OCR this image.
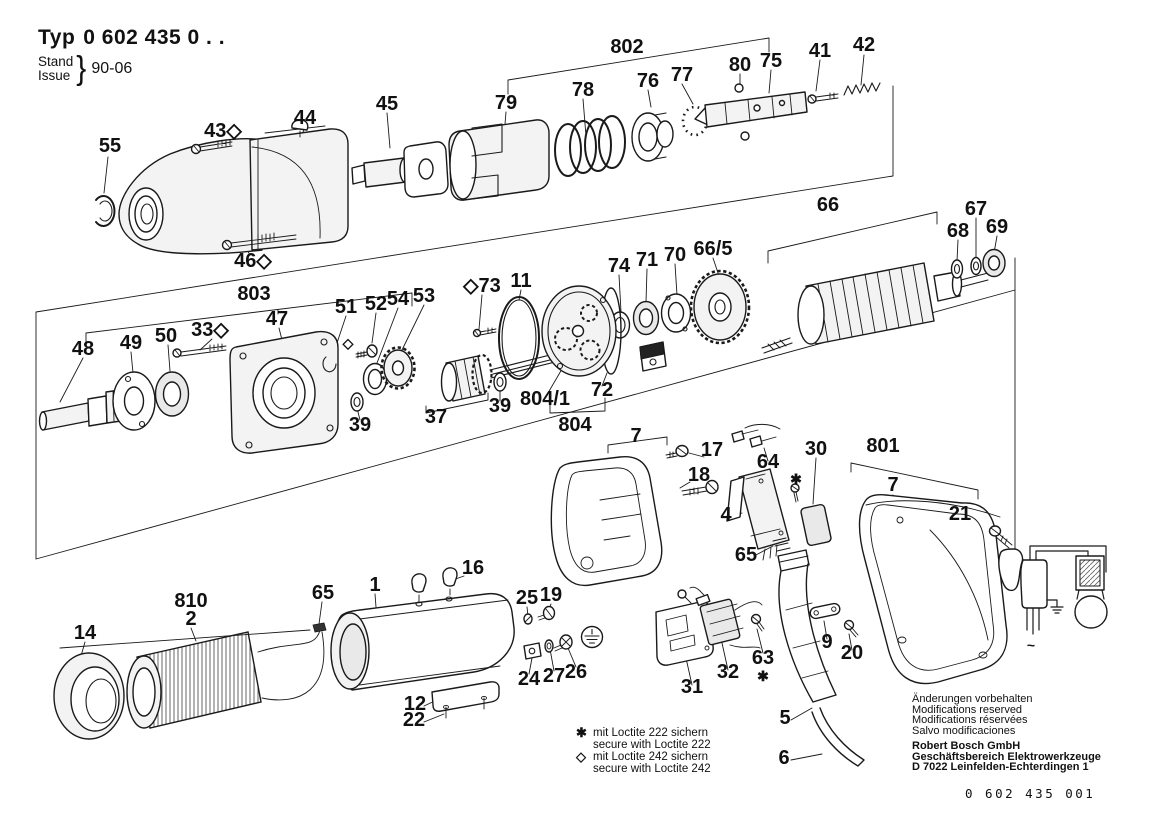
802
79
78 76 77 80 75 41 42
55
43◇
44
45
46◇
66	67
68 69
66/5
70
71
74
803	◇73 11
47
51 52 54 53
◇
50 33◇
48 49
39	37 39 804/1 72
804 7
17
18
64
30 801
✱	7
21
4
65
16
1
810
2
65	25 19
14
24 27 26
12
22
31
32
63
✱
9 20
5
6
~
Typ 0 602 435 0 . .
Stand
Issue } 90-06
✱ mit Loctite 222 sichern
secure with Loctite 222
◇ mit Loctite 242 sichern
secure with Loctite 242
Änderungen vorbehalten
Modifications reserved
Modifications réservées
Salvo modificaciones
Robert Bosch GmbH
Geschäftsbereich Elektrowerkzeuge
D 7022 Leinfelden-Echterdingen 1
0 602 435 001
